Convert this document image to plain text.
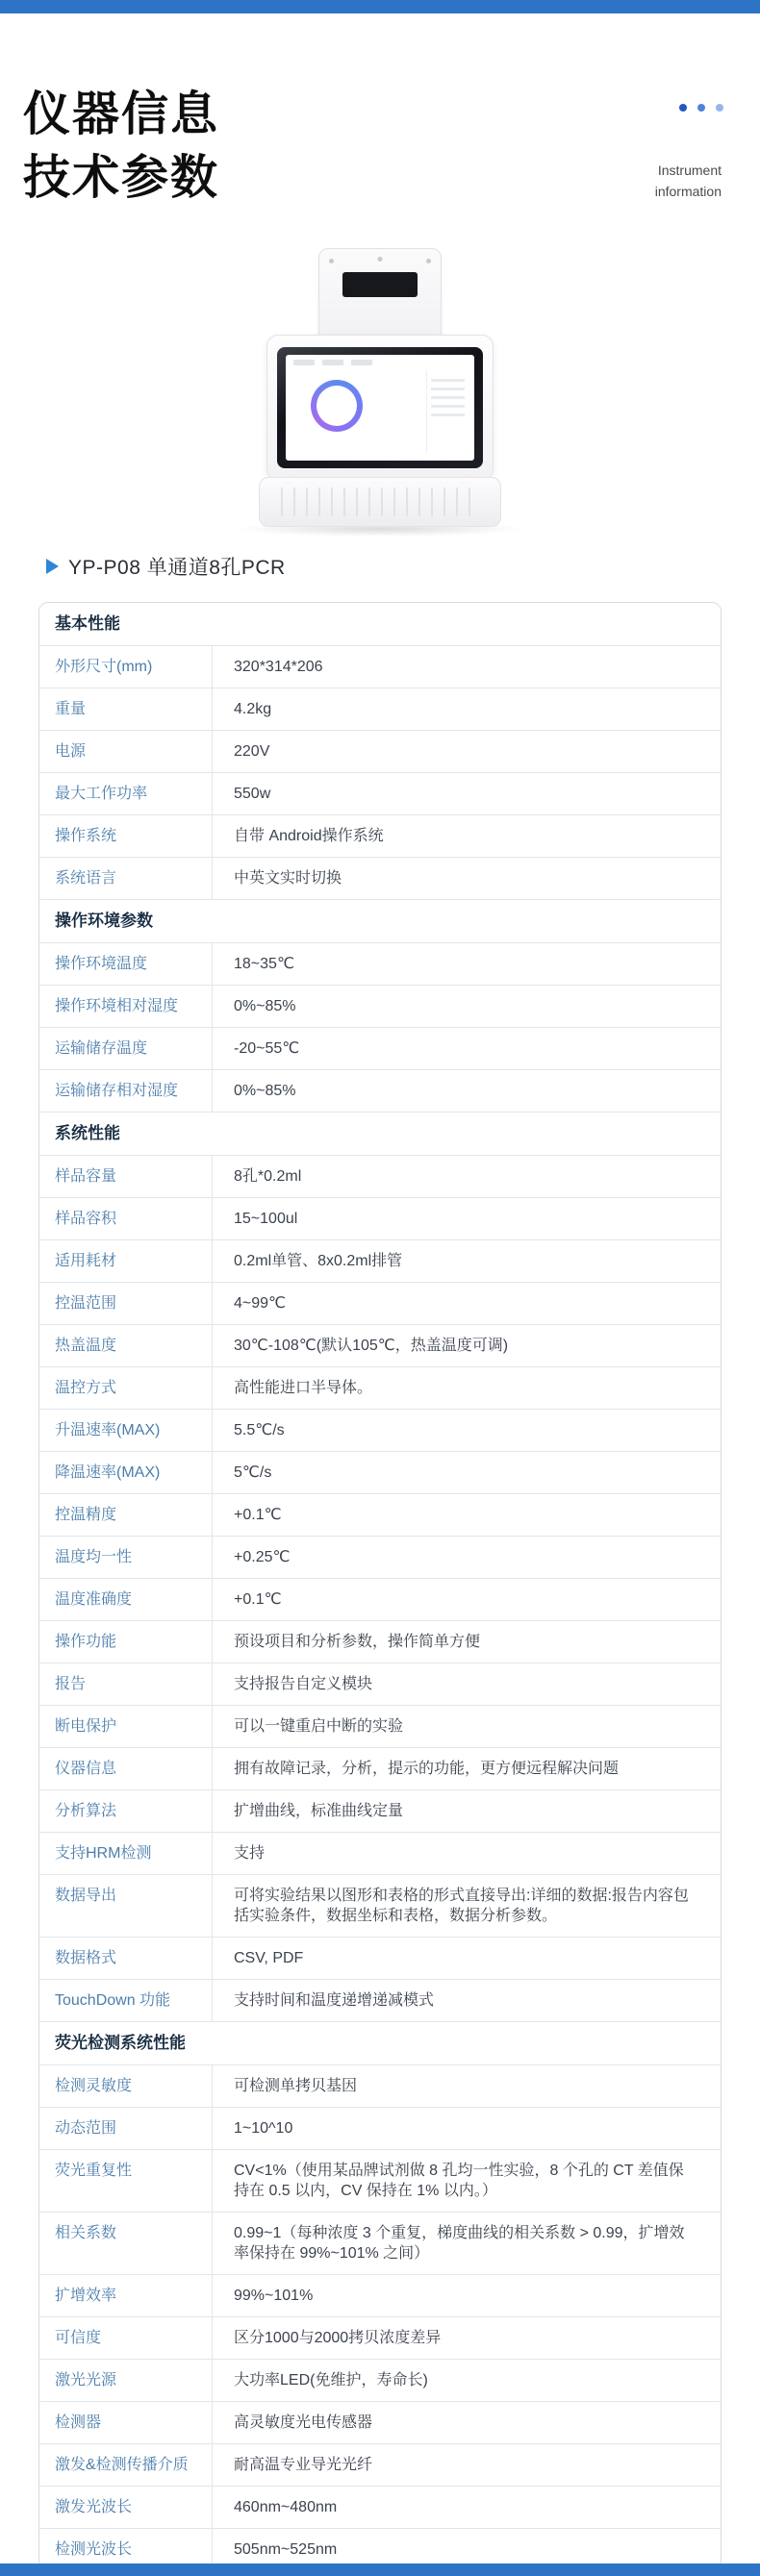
仪器信息
技术参数	Instrument
information
YP-P08 单通道8孔PCR
基本性能
外形尺寸(mm)	320*314*206
重量	4.2kg
电源	220V
最大工作功率	550w
操作系统	自带 Android操作系统
系统语言	中英文实时切换
操作环境参数
操作环境温度	18~35℃
操作环境相对湿度	0%~85%
运输储存温度	-20~55℃
运输储存相对湿度	0%~85%
系统性能
样品容量	8孔*0.2ml
样品容积	15~100ul
适用耗材	0.2ml单管、8x0.2ml排管
控温范围	4~99℃
热盖温度	30℃-108℃(默认105℃，热盖温度可调)
温控方式	高性能进口半导体。
升温速率(MAX)	5.5℃/s
降温速率(MAX)	5℃/s
控温精度	+0.1℃
温度均一性	+0.25℃
温度准确度	+0.1℃
操作功能	预设项目和分析参数，操作简单方便
报告	支持报告自定义模块
断电保护	可以一键重启中断的实验
仪器信息	拥有故障记录，分析，提示的功能，更方便远程解决问题
分析算法	扩增曲线，标准曲线定量
支持HRM检测	支持
数据导出	可将实验结果以图形和表格的形式直接导出:详细的数据:报告内容包括实验条件，数据坐标和表格，数据分析参数。
数据格式	CSV, PDF
TouchDown 功能	支持时间和温度递增递减模式
荧光检测系统性能
检测灵敏度	可检测单拷贝基因
动态范围	1~10^10
荧光重复性	CV<1%（使用某品牌试剂做 8 孔均一性实验，8 个孔的 CT 差值保持在 0.5 以内，CV 保持在 1% 以内。）
相关系数	0.99~1（每种浓度 3 个重复，梯度曲线的相关系数 > 0.99，扩增效率保持在 99%~101% 之间）
扩增效率	99%~101%
可信度	区分1000与2000拷贝浓度差异
激光光源	大功率LED(免维护，寿命长)
检测器	高灵敏度光电传感器
激发&检测传播介质	耐高温专业导光光纤
激发光波长	460nm~480nm
检测光波长	505nm~525nm
